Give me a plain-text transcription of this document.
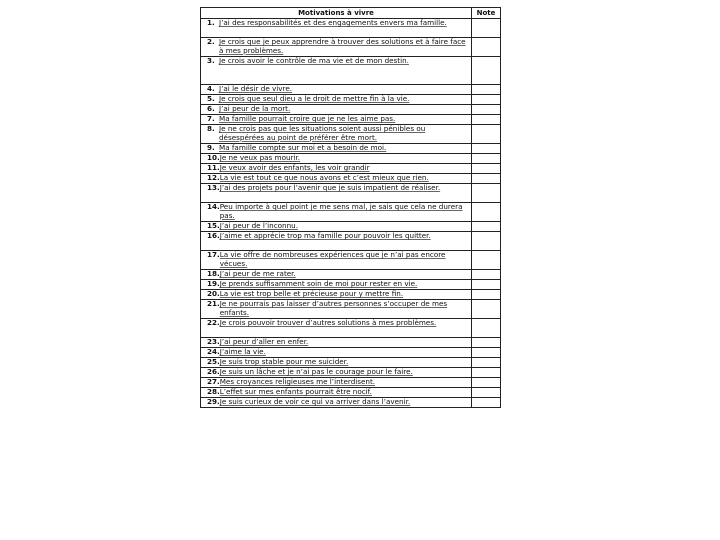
Motivations à vivre	Note

1. J’ai des responsabilités et des engagements envers ma famille.	

2. Je crois que je peux apprendre à trouver des solutions et à faire face à mes problèmes.	

3. Je crois avoir le contrôle de ma vie et de mon destin.	

4. J’ai le désir de vivre.	

5. Je crois que seul dieu a le droit de mettre fin à la vie.	

6. J’ai peur de la mort.	

7. Ma famille pourrait croire que je ne les aime pas.	

8. Je ne crois pas que les situations soient aussi pénibles ou désespérées au point de préférer être mort.	

9. Ma famille compte sur moi et a besoin de moi.	

10. Je ne veux pas mourir.	

11. Je veux avoir des enfants, les voir grandir	

12. La vie est tout ce que nous avons et c’est mieux que rien.	

13. J’ai des projets pour l’avenir que je suis impatient de réaliser.	

14. Peu importe à quel point je me sens mal, je sais que cela ne durera pas.	

15. J’ai peur de l’inconnu.	

16. J’aime et apprécie trop ma famille pour pouvoir les quitter.	

17. La vie offre de nombreuses expériences que je n’ai pas encore vécues.	

18. J’ai peur de me rater.	

19. Je prends suffisamment soin de moi pour rester en vie.	

20. La vie est trop belle et précieuse pour y mettre fin.	

21. Je ne pourrais pas laisser d’autres personnes s’occuper de mes enfants.	

22. Je crois pouvoir trouver d’autres solutions à mes problèmes.	

23. J’ai peur d’aller en enfer.	

24. J’aime la vie.	

25. Je suis trop stable pour me suicider.	

26. Je suis un lâche et je n’ai pas le courage pour le faire.	

27. Mes croyances religieuses me l’interdisent.	

28. L’effet sur mes enfants pourrait être nocif.	

29. Je suis curieux de voir ce qui va arriver dans l’avenir.	
